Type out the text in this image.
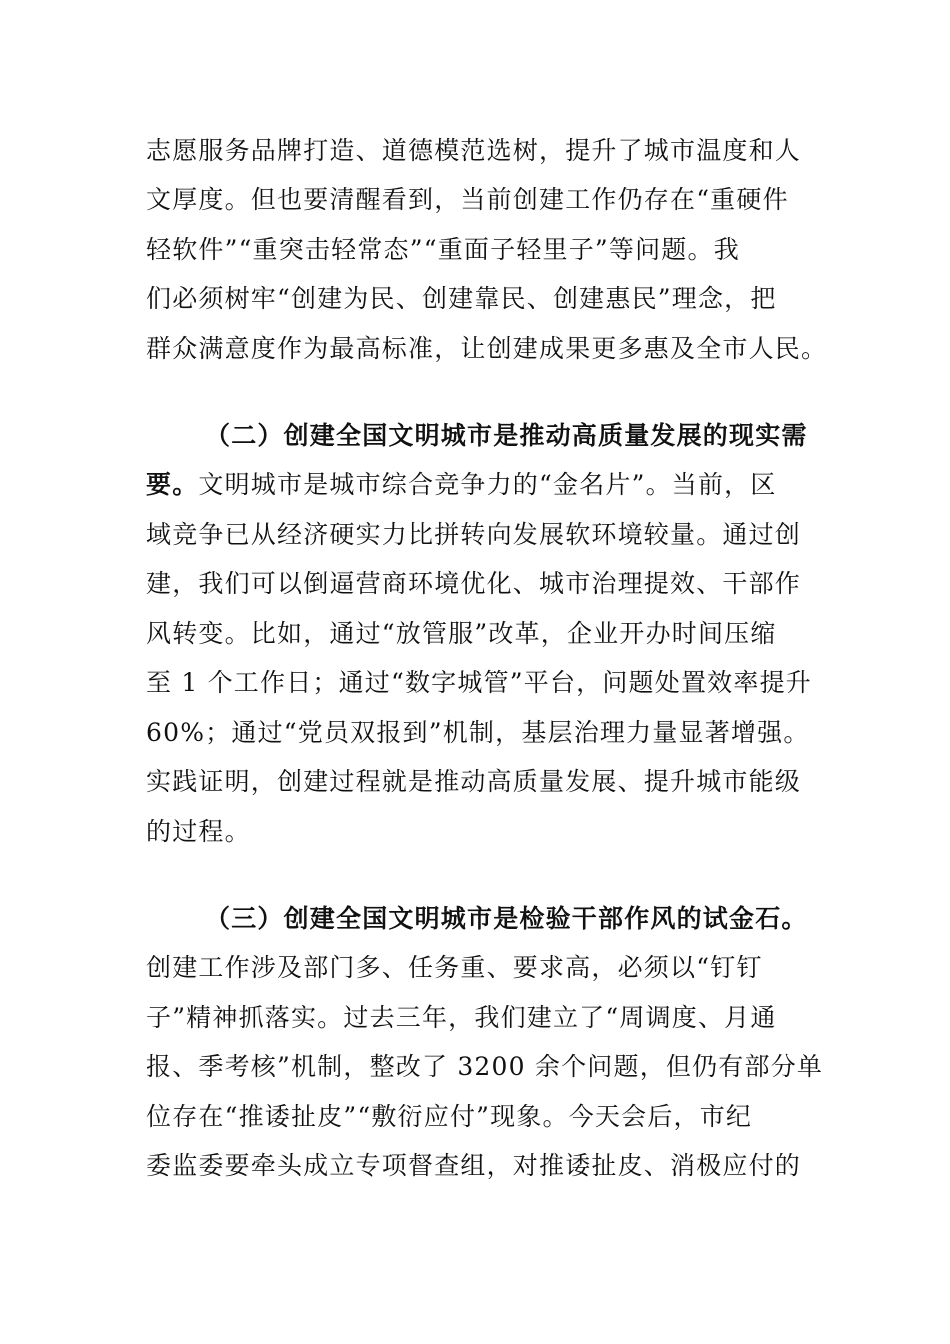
志愿服务品牌打造、道德模范选树，提升了城市温度和人
文厚度。但也要清醒看到，当前创建工作仍存在“重硬件
轻软件”“重突击轻常态”“重面子轻里子”等问题。我
们必须树牢“创建为民、创建靠民、创建惠民”理念，把
群众满意度作为最高标准，让创建成果更多惠及全市人民。
（二）创建全国文明城市是推动高质量发展的现实需
要。文明城市是城市综合竞争力的“金名片”。当前，区
域竞争已从经济硬实力比拼转向发展软环境较量。通过创
建，我们可以倒逼营商环境优化、城市治理提效、干部作
风转变。比如，通过“放管服”改革，企业开办时间压缩
至 1 个工作日；通过“数字城管”平台，问题处置效率提升
60%；通过“党员双报到”机制，基层治理力量显著增强。
实践证明，创建过程就是推动高质量发展、提升城市能级
的过程。
（三）创建全国文明城市是检验干部作风的试金石。
创建工作涉及部门多、任务重、要求高，必须以“钉钉
子”精神抓落实。过去三年，我们建立了“周调度、月通
报、季考核”机制，整改了 3200 余个问题，但仍有部分单
位存在“推诿扯皮”“敷衍应付”现象。今天会后，市纪
委监委要牵头成立专项督查组，对推诿扯皮、消极应付的
